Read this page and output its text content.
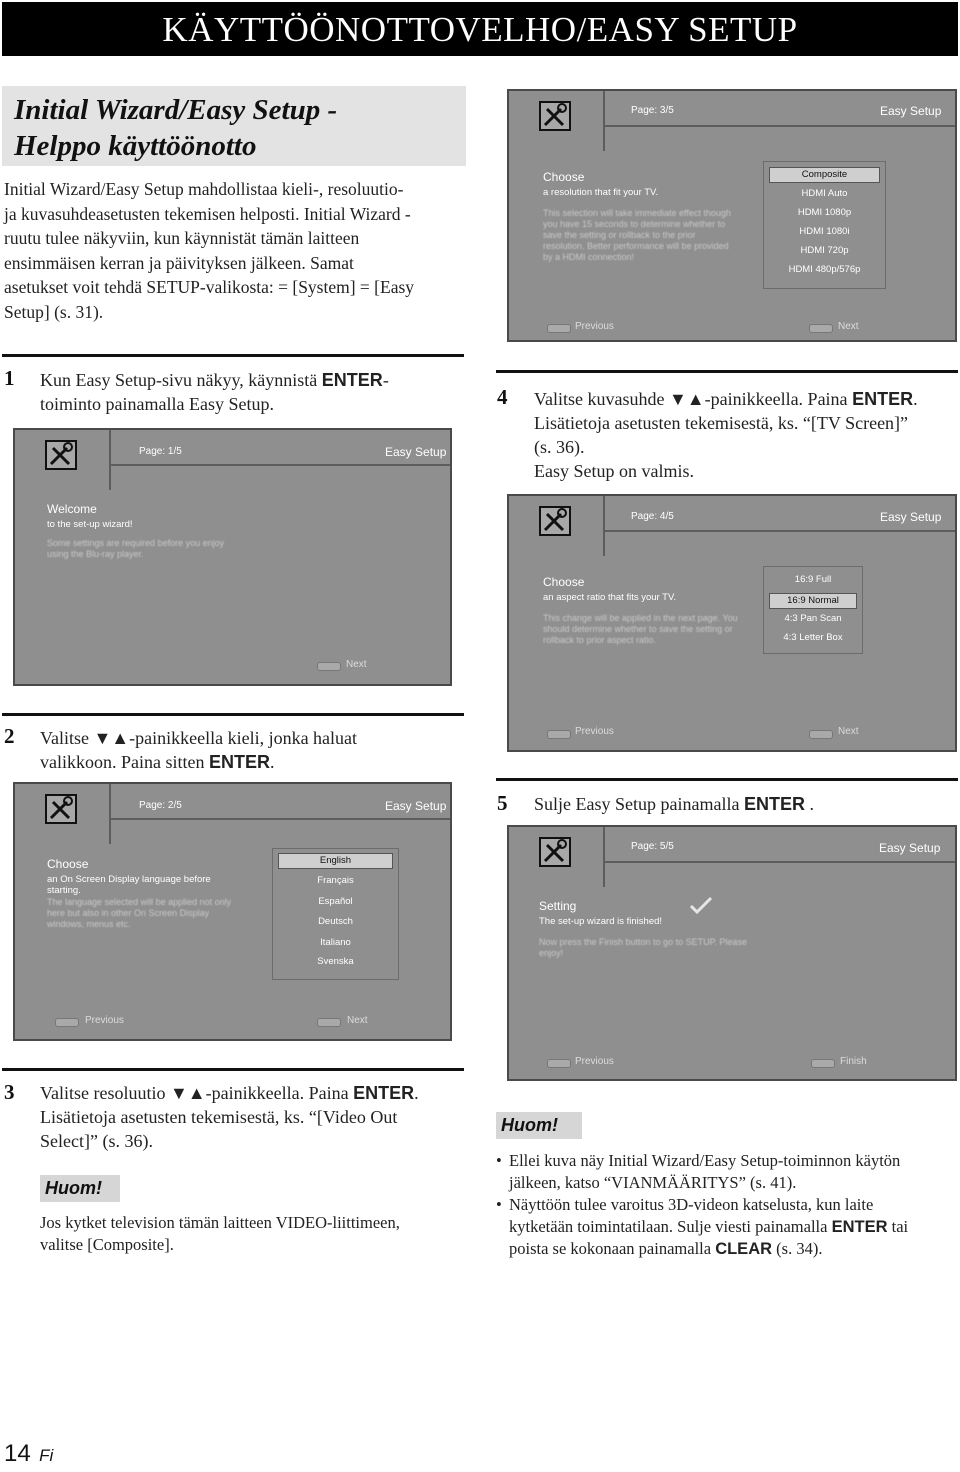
KÄYTTÖÖNOTTOVELHO/EASY SETUP
Initial Wizard/Easy Setup -
Helppo käyttöönotto
Initial Wizard/Easy Setup mahdollistaa kieli-, resoluutio-
ja kuvasuhdeasetusten tekemisen helposti. Initial Wizard -
ruutu tulee näkyviin, kun käynnistät tämän laitteen
ensimmäisen kerran ja päivityksen jälkeen. Samat
asetukset voit tehdä SETUP-valikosta: = [System] = [Easy
Setup] (s. 31).
1 Kun Easy Setup-sivu näkyy, käynnistä ENTER-
toiminto painamalla Easy Setup.
Page: 1/5	Easy Setup
Welcome
to the set-up wizard!
Some settings are required before you enjoy using the Blu-ray player.
Next
2 Valitse ▼▲-painikkeella kieli, jonka haluat
valikkoon. Paina sitten ENTER.
Page: 2/5	Easy Setup
Choose
an On Screen Display language before starting.
The language selected will be applied not only here but also in other On Screen Display windows, menus etc.
English
Français
Español
Deutsch
Italiano
Svenska
Previous	Next
3 Valitse resoluutio ▼▲-painikkeella. Paina ENTER.
Lisätietoja asetusten tekemisestä, ks. “[Video Out
Select]” (s. 36).
Huom!
Jos kytket television tämän laitteen VIDEO-liittimeen,
valitse [Composite].
Page: 3/5	Easy Setup
Choose
a resolution that fit your TV.
This selection will take immediate effect though you have 15 seconds to determine whether to save the setting or rollback to the prior resolution. Better performance will be provided by a HDMI connection!
Composite
HDMI Auto
HDMI 1080p
HDMI 1080i
HDMI 720p
HDMI 480p/576p
Previous	Next
4 Valitse kuvasuhde ▼▲-painikkeella. Paina ENTER.
Lisätietoja asetusten tekemisestä, ks. “[TV Screen]”
(s. 36).
Easy Setup on valmis.
Page: 4/5	Easy Setup
Choose
an aspect ratio that fits your TV.
This change will be applied in the next page. You should determine whether to save the setting or rollback to prior aspect ratio.
16:9 Full
16:9 Normal
4:3 Pan Scan
4:3 Letter Box
Previous	Next
5 Sulje Easy Setup painamalla ENTER .
Page: 5/5	Easy Setup
Setting
The set-up wizard is finished!
Now press the Finish button to go to SETUP. Please enjoy!
Previous	Finish
Huom!
• Ellei kuva näy Initial Wizard/Easy Setup-toiminnon käytön
jälkeen, katso “VIANMÄÄRITYS” (s. 41).
• Näyttöön tulee varoitus 3D-videon katselusta, kun laite
kytketään toimintatilaan. Sulje viesti painamalla ENTER tai
poista se kokonaan painamalla CLEAR (s. 34).
14 Fi
